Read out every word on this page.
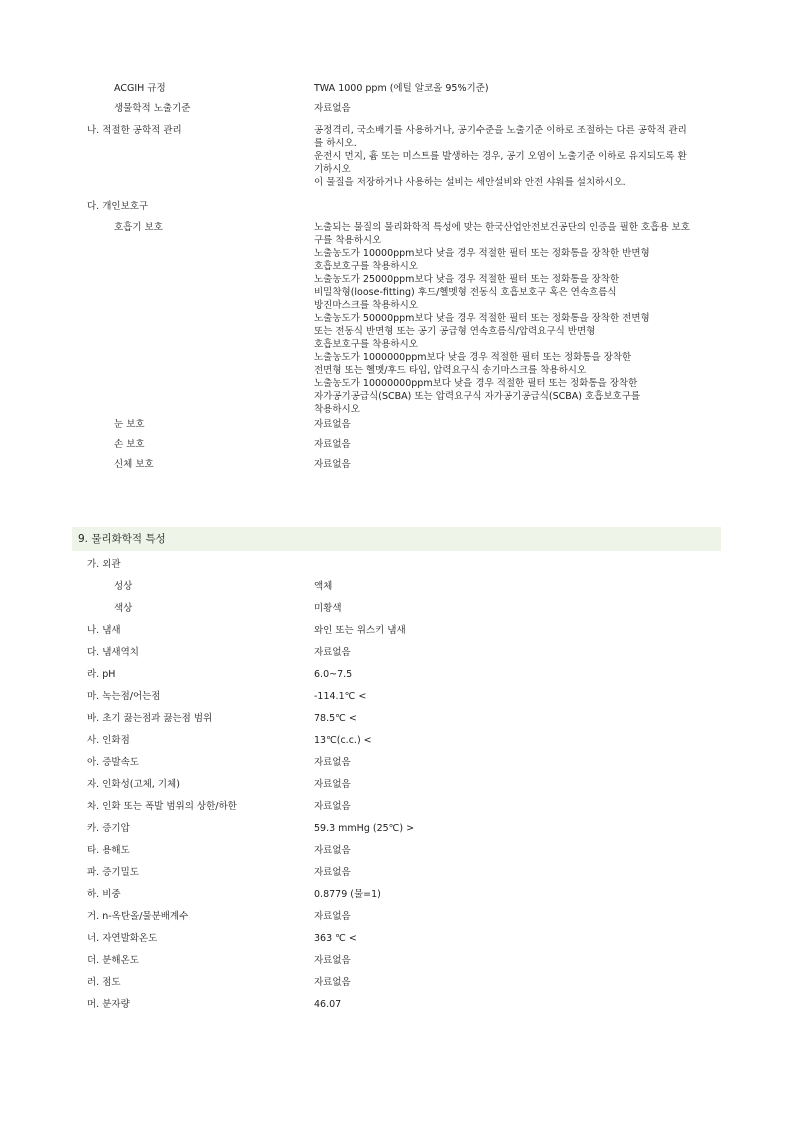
ACGIH 규정	TWA 1000 ppm (에틸 알코올 95%기준)
생물학적 노출기준	자료없음
나. 적절한 공학적 관리	공정격리, 국소배기를 사용하거나, 공기수준을 노출기준 이하로 조절하는 다른 공학적 관리
를 하시오.
운전시 먼지, 흄 또는 미스트를 발생하는 경우, 공기 오염이 노출기준 이하로 유지되도록 환
기하시오
이 물질을 저장하거나 사용하는 설비는 세안설비와 안전 샤워를 설치하시오.
다. 개인보호구
호흡기 보호	노출되는 물질의 물리화학적 특성에 맞는 한국산업안전보건공단의 인증을 필한 호흡용 보호
구를 착용하시오
노출농도가 10000ppm보다 낮을 경우 적절한 필터 또는 정화통을 장착한 반면형
호흡보호구를 착용하시오
노출농도가 25000ppm보다 낮을 경우 적절한 필터 또는 정화통을 장착한
비밀착형(loose-fitting) 후드/헬멧형 전동식 호흡보호구 혹은 연속흐름식
방진마스크를 착용하시오
노출농도가 50000ppm보다 낮을 경우 적절한 필터 또는 정화통을 장착한 전면형
또는 전동식 반면형 또는 공기 공급형 연속흐름식/압력요구식 반면형
호흡보호구를 착용하시오
노출농도가 1000000ppm보다 낮을 경우 적절한 필터 또는 정화통을 장착한
전면형 또는 헬멧/후드 타입, 압력요구식 송기마스크를 착용하시오
노출농도가 10000000ppm보다 낮을 경우 적절한 필터 또는 정화통을 장착한
자가공기공급식(SCBA) 또는 압력요구식 자가공기공급식(SCBA) 호흡보호구를
착용하시오
눈 보호	자료없음
손 보호	자료없음
신체 보호	자료없음
9. 물리화학적 특성
가. 외관
성상	액체
색상	미황색
나. 냄새	와인 또는 위스키 냄새
다. 냄새역치	자료없음
라. pH	6.0~7.5
마. 녹는점/어는점	-114.1℃ <
바. 초기 끓는점과 끓는점 범위	78.5℃ <
사. 인화점	13℃(c.c.) <
아. 증발속도	자료없음
자. 인화성(고체, 기체)	자료없음
차. 인화 또는 폭발 범위의 상한/하한	자료없음
카. 증기압	59.3 mmHg (25℃) >
타. 용해도	자료없음
파. 증기밀도	자료없음
하. 비중	0.8779 (물=1)
거. n-옥탄올/물분배계수	자료없음
너. 자연발화온도	363 ℃ <
더. 분해온도	자료없음
러. 점도	자료없음
머. 분자량	46.07
